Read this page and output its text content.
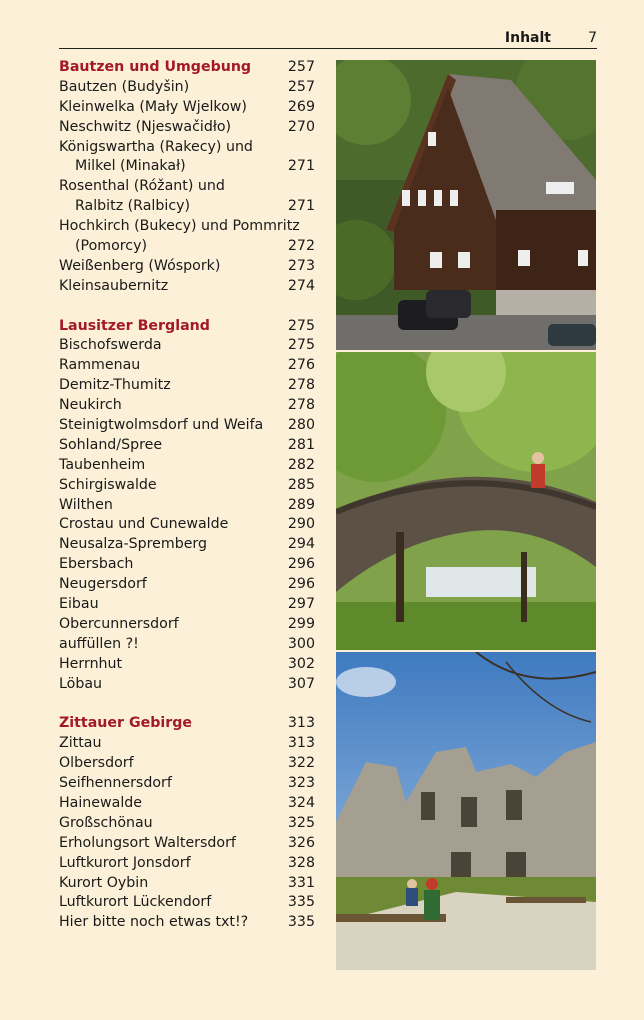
Inhalt	7
Bautzen und Umgebung	257
Bautzen (Budyšin)	257
Kleinwelka (Mały Wjelkow)	269
Neschwitz (Njeswačidło)	270
Königswartha (Rakecy) und
Milkel (Minakał)	271
Rosenthal (Róžant) und
Ralbitz (Ralbicy)	271
Hochkirch (Bukecy) und Pommritz
(Pomorcy)	272
Weißenberg (Wóspork)	273
Kleinsaubernitz	274
Lausitzer Bergland	275
Bischofswerda	275
Rammenau	276
Demitz-Thumitz	278
Neukirch	278
Steinigtwolmsdorf und Weifa 280
Sohland/Spree	281
Taubenheim	282
Schirgiswalde	285
Wilthen	289
Crostau und Cunewalde	290
Neusalza-Spremberg	294
Ebersbach	296
Neugersdorf	296
Eibau	297
Obercunnersdorf	299
auffüllen ?!	300
Herrnhut	302
Löbau	307
Zittauer Gebirge	313
Zittau	313
Olbersdorf	322
Seifhennersdorf	323
Hainewalde	324
Großschönau	325
Erholungsort Waltersdorf	326
Luftkurort Jonsdorf	328
Kurort Oybin	331
Luftkurort Lückendorf	335
Hier bitte noch etwas txt!?	335
